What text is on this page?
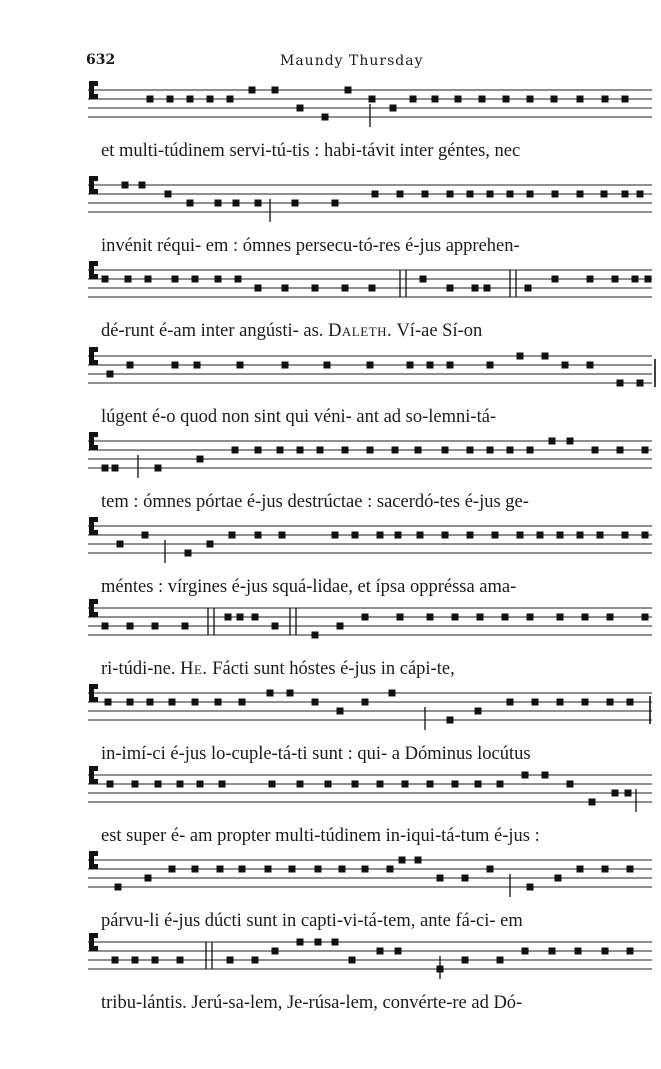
632	Maundy Thursday
et multi-túdinem servi-tú-tis : habi-távit inter géntes, nec
invénit réqui- em : ómnes persecu-tó-res é-jus apprehen-
dé-runt é-am inter angústi- as. Daleth. Ví-ae Sí-on
lúgent é-o quod non sint qui véni- ant ad so-lemni-tá-
tem : ómnes pórtae é-jus destrúctae : sacerdó-tes é-jus ge-
méntes : vírgines é-jus squá-lidae, et ípsa oppréssa ama-
ri-túdi-ne. He. Fácti sunt hóstes é-jus in cápi-te,
in-imí-ci é-jus lo-cuple-tá-ti sunt : qui- a Dóminus locútus
est super é- am propter multi-túdinem in-iqui-tá-tum é-jus :
párvu-li é-jus dúcti sunt in capti-vi-tá-tem, ante fá-ci- em
tribu-lántis. Jerú-sa-lem, Je-rúsa-lem, convérte-re ad Dó-
